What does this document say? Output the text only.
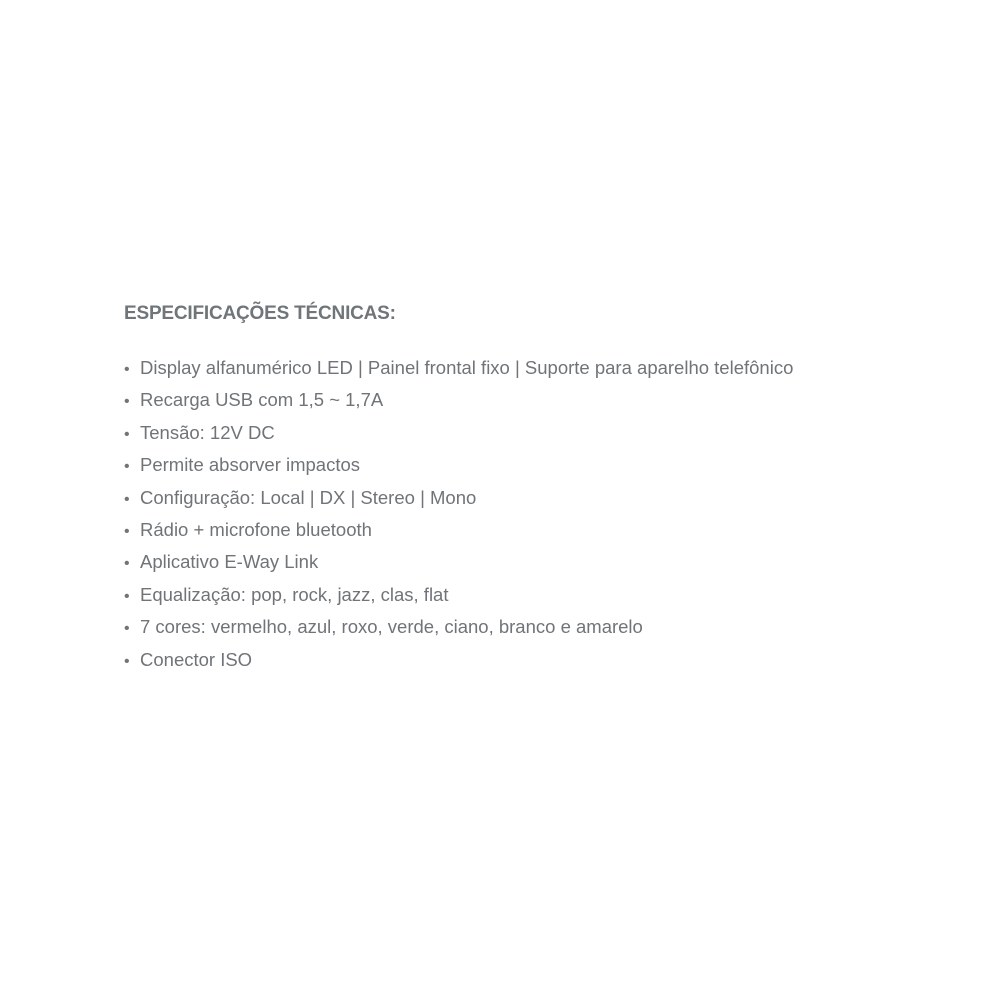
ESPECIFICAÇÕES TÉCNICAS:
• Display alfanumérico LED | Painel frontal fixo | Suporte para aparelho telefônico
• Recarga USB com 1,5 ~ 1,7A
• Tensão: 12V DC
• Permite absorver impactos
• Configuração: Local | DX | Stereo | Mono
• Rádio + microfone bluetooth
• Aplicativo E-Way Link
• Equalização: pop, rock, jazz, clas, flat
• 7 cores: vermelho, azul, roxo, verde, ciano, branco e amarelo
• Conector ISO
